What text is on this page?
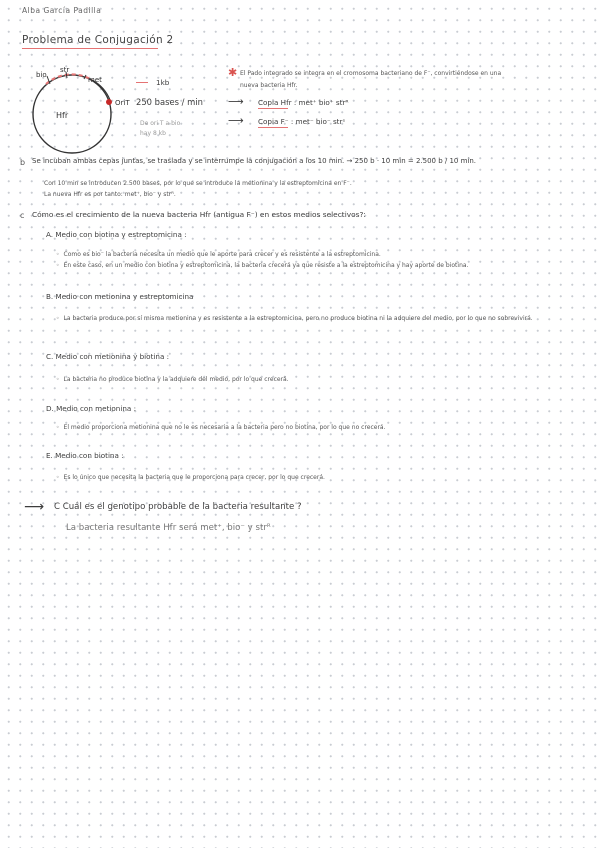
Alba García Padilla
Problema de Conjugación 2
bio
str
met
OriT
Hfr
1kb
250 bases / min
De ori T a bio
hay 8 kb
✱ El Pado integrado se integra en el cromosoma bacteriano de F⁻, convirtiéndose en una
nueva bacteria Hfr.
⟶ Copia Hfr : met⁺ bio⁺ strᴿ
⟶ Copia F⁻ : met⁻ bio⁻ strˢ
b Se incuban ambas cepas juntas, se traslada y se interrumpe la conjugación a los 10 min. → 250 b · 10 min = 2.500 b / 10 min.
Con 10 min se introducen 2.500 bases, por lo que se introduce la metionina y la estreptomicina en F⁻.
La nueva Hfr es por tanto: met⁺, bio⁻ y strᴿ.
c Cómo es el crecimiento de la nueva bacteria Hfr (antigua F⁻) en estos medios selectivos?:
A. Medio con biotina y estreptomicina :
◦ Como es bio⁻ la bacteria necesita un medio que le aporte para crecer y es resistente a la estreptomicina.
◦ En este caso, en un medio con biotina y estreptomicina, la bacteria crecerá ya que resiste a la estreptomicina y hay aporte de biotina.
B. Medio con metionina y estreptomicina
◦ La bacteria produce por sí misma metionina y es resistente a la estreptomicina, pero no produce biotina ni la adquiere del medio, por lo que no sobrevivirá.
C. Medio con metionina y biotina :
◦ La bacteria no produce biotina y la adquiere del medio, por lo que crecerá.
D. Medio con metionina :
◦ El medio proporciona metionina que no le es necesaria a la bacteria pero no biotina, por lo que no crecerá.
E. Medio con biotina :
◦ Es lo único que necesita la bacteria que le proporciona para crecer, por lo que crecerá.
⟶ C Cuál es el genotipo probable de la bacteria resultante ?
La bacteria resultante Hfr será met⁺, bio⁻ y strᴿ
